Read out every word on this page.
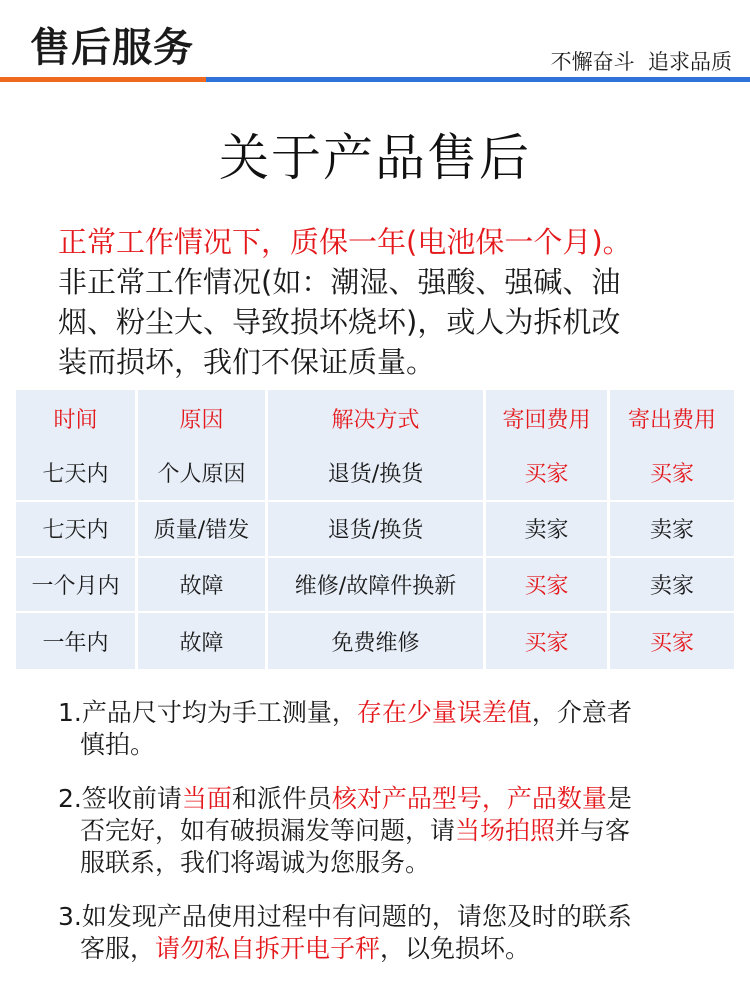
售后服务	不懈奋斗  追求品质
关于产品售后
正常工作情况下，质保一年(电池保一个月)。
非正常工作情况(如：潮湿、强酸、强碱、油
烟、粉尘大、导致损坏烧坏)，或人为拆机改
装而损坏，我们不保证质量。
时间	原因	解决方式	寄回费用	寄出费用
七天内	个人原因	退货/换货	买家	买家
七天内	质量/错发	退货/换货	卖家	卖家
一个月内	故障	维修/故障件换新	买家	卖家
一年内	故障	免费维修	买家	买家
1.产品尺寸均为手工测量，存在少量误差值，介意者
慎拍。
2.签收前请当面和派件员核对产品型号，产品数量是
否完好，如有破损漏发等问题，请当场拍照并与客
服联系，我们将竭诚为您服务。
3.如发现产品使用过程中有问题的，请您及时的联系
客服，请勿私自拆开电子秤，以免损坏。
